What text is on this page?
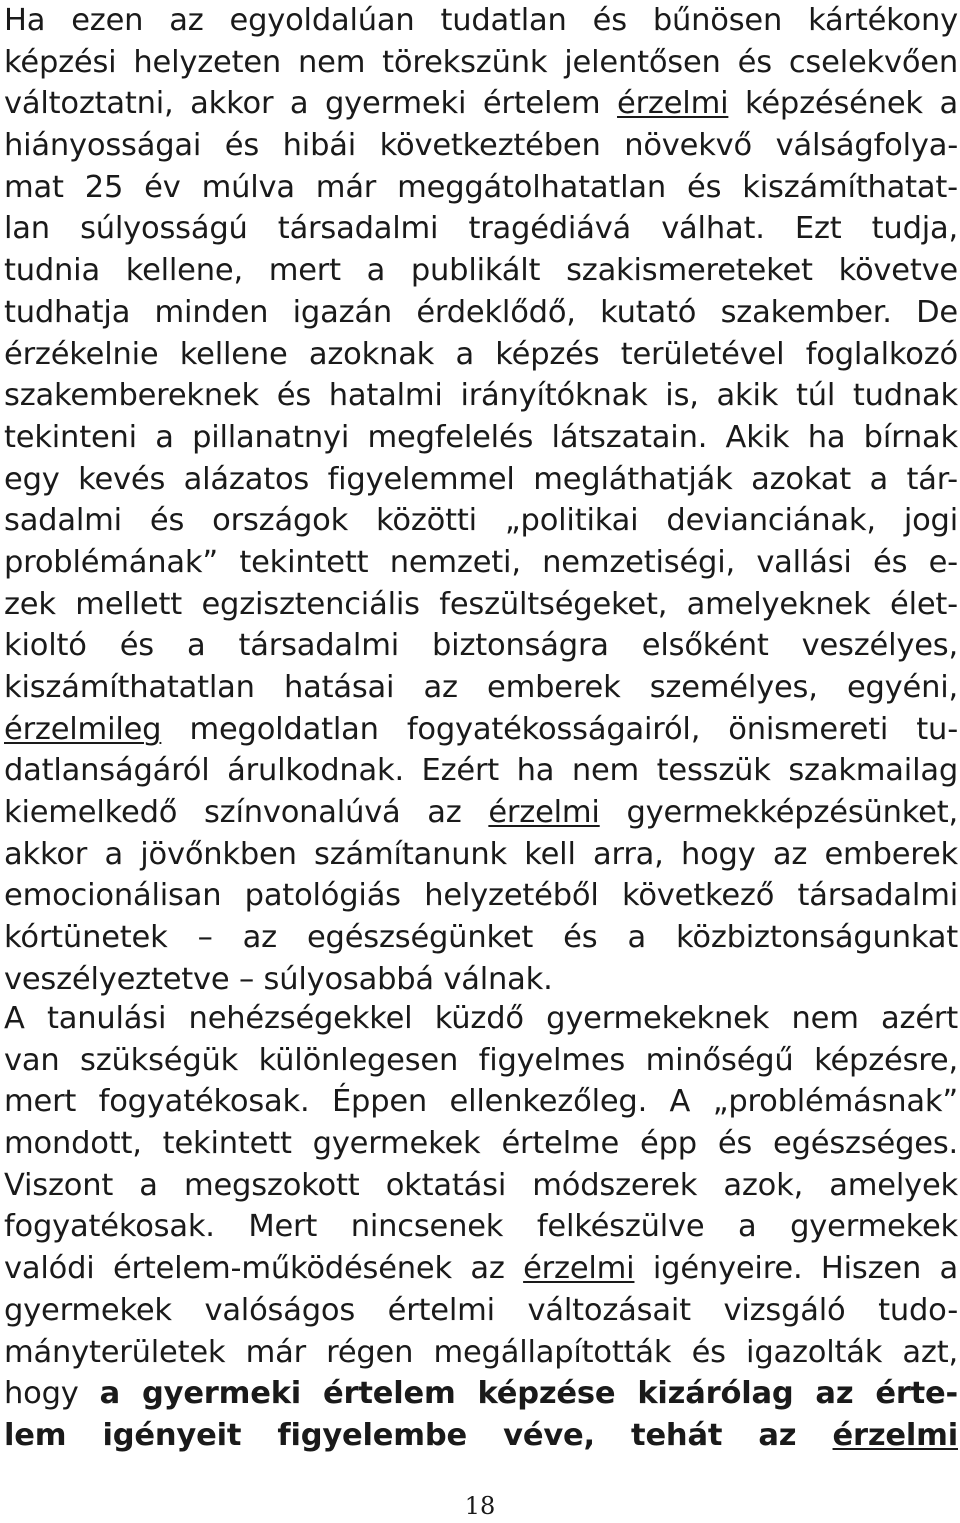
Ha ezen az egyoldalúan tudatlan és bűnösen kártékony
képzési helyzeten nem törekszünk jelentősen és cselekvően
változtatni, akkor a gyermeki értelem érzelmi képzésének a
hiányosságai és hibái következtében növekvő válságfolya-
mat 25 év múlva már meggátolhatatlan és kiszámíthatat-
lan súlyosságú társadalmi tragédiává válhat. Ezt tudja,
tudnia kellene, mert a publikált szakismereteket követve
tudhatja minden igazán érdeklődő, kutató szakember. De
érzékelnie kellene azoknak a képzés területével foglalkozó
szakembereknek és hatalmi irányítóknak is, akik túl tudnak
tekinteni a pillanatnyi megfelelés látszatain. Akik ha bírnak
egy kevés alázatos figyelemmel megláthatják azokat a tár-
sadalmi és országok közötti „politikai devianciának, jogi
problémának” tekintett nemzeti, nemzetiségi, vallási és e-
zek mellett egzisztenciális feszültségeket, amelyeknek élet-
kioltó és a társadalmi biztonságra elsőként veszélyes,
kiszámíthatatlan hatásai az emberek személyes, egyéni,
érzelmileg megoldatlan fogyatékosságairól, önismereti tu-
datlanságáról árulkodnak. Ezért ha nem tesszük szakmailag
kiemelkedő színvonalúvá az érzelmi gyermekképzésünket,
akkor a jövőnkben számítanunk kell arra, hogy az emberek
emocionálisan patológiás helyzetéből következő társadalmi
kórtünetek – az egészségünket és a közbiztonságunkat
veszélyeztetve – súlyosabbá válnak.
A tanulási nehézségekkel küzdő gyermekeknek nem azért
van szükségük különlegesen figyelmes minőségű képzésre,
mert fogyatékosak. Éppen ellenkezőleg. A „problémásnak”
mondott, tekintett gyermekek értelme épp és egészséges.
Viszont a megszokott oktatási módszerek azok, amelyek
fogyatékosak. Mert nincsenek felkészülve a gyermekek
valódi értelem-működésének az érzelmi igényeire. Hiszen a
gyermekek valóságos értelmi változásait vizsgáló tudo-
mányterületek már régen megállapították és igazolták azt,
hogy a gyermeki értelem képzése kizárólag az érte-
lem igényeit figyelembe véve, tehát az érzelmi
18
